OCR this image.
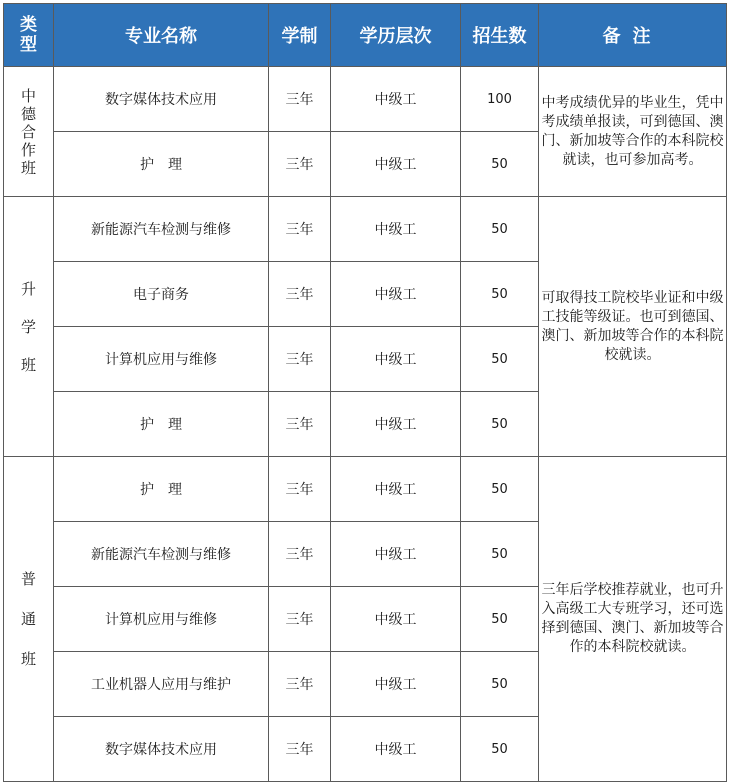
类
型	专业名称	学制	学历层次	招生数	备注

中
德
合
作
班	数字媒体技术应用	三年	中级工	100	中考成绩优异的毕业生，凭中考成绩单报读，可到德国、澳门、新加坡等合作的本科院校就读，也可参加高考。

	护　理	三年	中级工	50	

升
学
班	新能源汽车检测与维修	三年	中级工	50	可取得技工院校毕业证和中级工技能等级证。也可到德国、澳门、新加坡等合作的本科院校就读。

	电子商务	三年	中级工	50	
	计算机应用与维修	三年	中级工	50	
	护　理	三年	中级工	50	

普
通
班	护　理	三年	中级工	50	三年后学校推荐就业，也可升入高级工大专班学习，还可选择到德国、澳门、新加坡等合作的本科院校就读。

	新能源汽车检测与维修	三年	中级工	50	
	计算机应用与维修	三年	中级工	50	
	工业机器人应用与维护	三年	中级工	50	
	数字媒体技术应用	三年	中级工	50	
